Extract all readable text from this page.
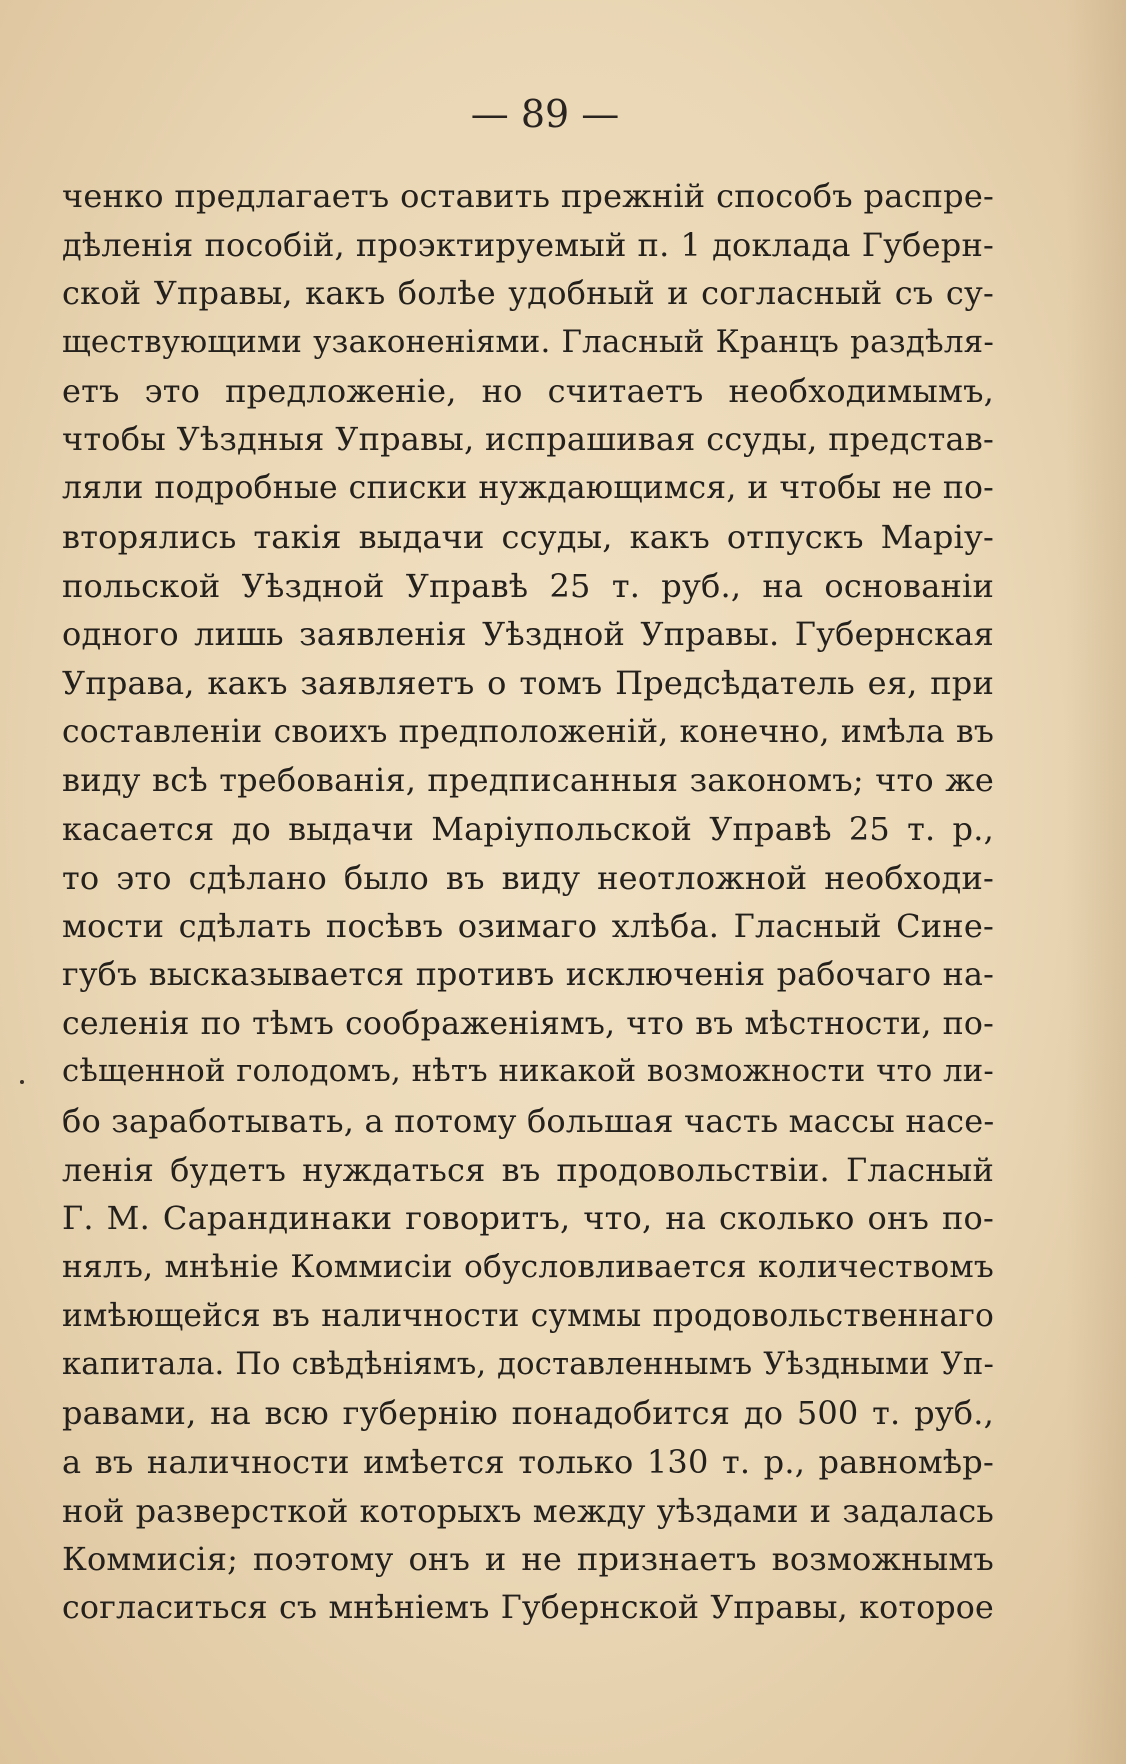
— 89 —
ченко предлагаетъ оставить прежній способъ распре-
дѣленія пособій, проэктируемый п. 1 доклада Губерн-
ской Управы, какъ болѣе удобный и согласный съ су-
ществующими узаконеніями. Гласный Кранцъ раздѣля-
етъ это предложеніе, но считаетъ необходимымъ,
чтобы Уѣздныя Управы, испрашивая ссуды, представ-
ляли подробные списки нуждающимся, и чтобы не по-
вторялись такія выдачи ссуды, какъ отпускъ Маріу-
польской Уѣздной Управѣ 25 т. руб., на основаніи
одного лишь заявленія Уѣздной Управы. Губернская
Управа, какъ заявляетъ о томъ Предсѣдатель ея, при
составленіи своихъ предположеній, конечно, имѣла въ
виду всѣ требованія, предписанныя закономъ; что же
касается до выдачи Маріупольской Управѣ 25 т. р.,
то это сдѣлано было въ виду неотложной необходи-
мости сдѣлать посѣвъ озимаго хлѣба. Гласный Сине-
губъ высказывается противъ исключенія рабочаго на-
селенія по тѣмъ соображеніямъ, что въ мѣстности, по-
сѣщенной голодомъ, нѣтъ никакой возможности что ли-
бо заработывать, а потому большая часть массы насе-
ленія будетъ нуждаться въ продовольствіи. Гласный
Г. М. Сарандинаки говоритъ, что, на сколько онъ по-
нялъ, мнѣніе Коммисіи обусловливается количествомъ
имѣющейся въ наличности суммы продовольственнаго
капитала. По свѣдѣніямъ, доставленнымъ Уѣздными Уп-
равами, на всю губернію понадобится до 500 т. руб.,
а въ наличности имѣется только 130 т. р., равномѣр-
ной разверсткой которыхъ между уѣздами и задалась
Коммисія; поэтому онъ и не признаетъ возможнымъ
согласиться съ мнѣніемъ Губернской Управы, которое
